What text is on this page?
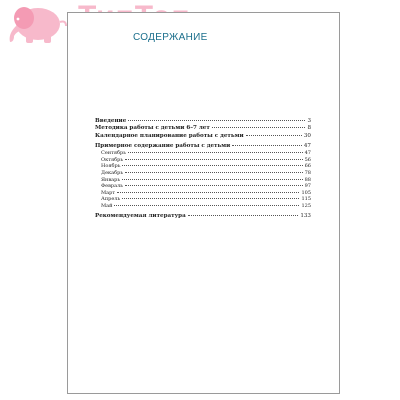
СОДЕРЖАНИЕ
Введение	3
Методика работы с детьми 6–7 лет	8
Календарное планирование работы с детьми	30
Примерное содержание работы с детьми	47
Сентябрь	47
Октябрь	56
Ноябрь	66
Декабрь	78
Январь	88
Февраль	97
Март	105
Апрель	115
Май	125
Рекомендуемая литература	133
